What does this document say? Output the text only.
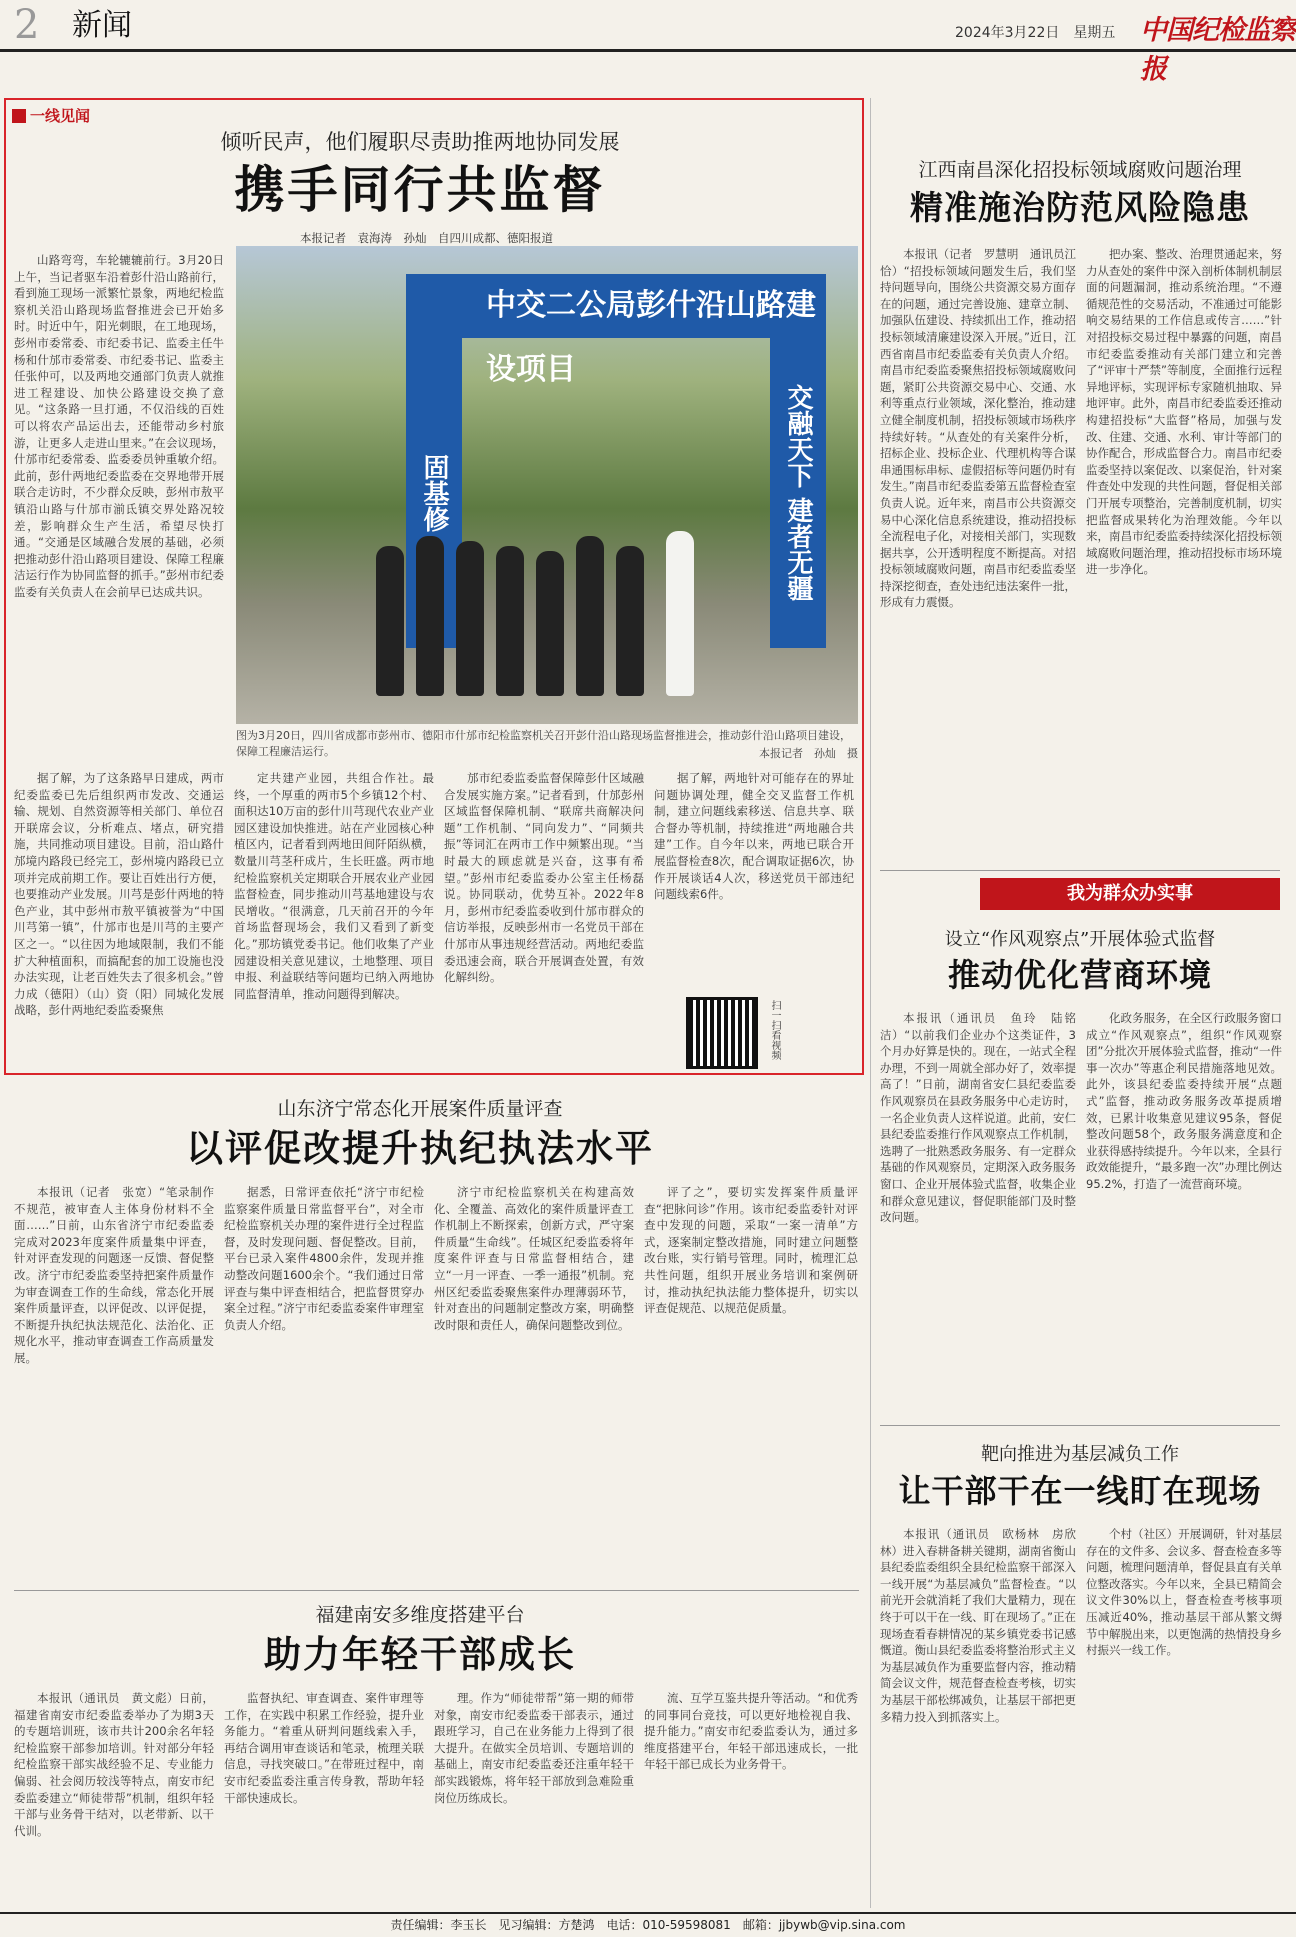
2 新闻	2024年3月22日　星期五 中国纪检监察报
一线见闻
倾听民声，他们履职尽责助推两地协同发展
携手同行共监督
本报记者　袁海涛　孙灿　自四川成都、德阳报道
山路弯弯，车轮辘辘前行。3月20日上午，当记者驱车沿着彭什沿山路前行，看到施工现场一派繁忙景象，两地纪检监察机关沿山路现场监督推进会已开始多时。时近中午，阳光刺眼，在工地现场，彭州市委常委、市纪委书记、监委主任牛杨和什邡市委常委、市纪委书记、监委主任张仲可，以及两地交通部门负责人就推进工程建设、加快公路建设交换了意见。“这条路一旦打通，不仅沿线的百姓可以将农产品运出去，还能带动乡村旅游，让更多人走进山里来。”在会议现场，什邡市纪委常委、监委委员钟重敏介绍。此前，彭什两地纪委监委在交界地带开展联合走访时，不少群众反映，彭州市敖平镇沿山路与什邡市湔氐镇交界处路况较差，影响群众生产生活，希望尽快打通。“交通是区域融合发展的基础，必须把推动彭什沿山路项目建设、保障工程廉洁运行作为协同监督的抓手。”彭州市纪委监委有关负责人在会前早已达成共识。
中交二公局彭什沿山路建设项目
固基修	交融天下 建者无疆
图为3月20日，四川省成都市彭州市、德阳市什邡市纪检监察机关召开彭什沿山路现场监督推进会，推动彭什沿山路项目建设，保障工程廉洁运行。	本报记者　孙灿　摄
据了解，为了这条路早日建成，两市纪委监委已先后组织两市发改、交通运输、规划、自然资源等相关部门、单位召开联席会议，分析难点、堵点，研究措施，共同推动项目建设。目前，沿山路什邡境内路段已经完工，彭州境内路段已立项并完成前期工作。要让百姓出行方便，也要推动产业发展。川芎是彭什两地的特色产业，其中彭州市敖平镇被誉为“中国川芎第一镇”，什邡市也是川芎的主要产区之一。“以往因为地域限制，我们不能扩大种植面积，而搞配套的加工设施也没办法实现，让老百姓失去了很多机会。”曾力成（德阳）（山）资（阳）同城化发展战略，彭什两地纪委监委聚焦
定共建产业园，共组合作社。最终，一个厚重的两市5个乡镇12个村、面积达10万亩的彭什川芎现代农业产业园区建设加快推进。站在产业园核心种植区内，记者看到两地田间阡陌纵横，数量川芎茎秆成片，生长旺盛。两市地纪检监察机关定期联合开展农业产业园监督检查，同步推动川芎基地建设与农民增收。“很满意，几天前召开的今年首场监督现场会，我们又看到了新变化。”那坊镇党委书记。他们收集了产业园建设相关意见建议，土地整理、项目申报、利益联结等问题均已纳入两地协同监督清单，推动问题得到解决。
邡市纪委监委监督保障彭什区域融合发展实施方案。”记者看到，什邡彭州区域监督保障机制、“联席共商解决问题”工作机制、“同向发力”、“同频共振”等词汇在两市工作中频繁出现。“当时最大的顾虑就是兴奋，这事有希望。”彭州市纪委监委办公室主任杨磊说。协同联动，优势互补。2022年8月，彭州市纪委监委收到什邡市群众的信访举报，反映彭州市一名党员干部在什邡市从事违规经营活动。两地纪委监委迅速会商，联合开展调查处置，有效化解纠纷。
据了解，两地针对可能存在的界址问题协调处理，健全交叉监督工作机制，建立问题线索移送、信息共享、联合督办等机制，持续推进“两地融合共建”工作。自今年以来，两地已联合开展监督检查8次，配合调取证据6次，协作开展谈话4人次，移送党员干部违纪问题线索6件。
扫一扫看视频
江西南昌深化招投标领域腐败问题治理
精准施治防范风险隐患
本报讯（记者　罗慧明　通讯员江恰）“招投标领域问题发生后，我们坚持问题导向，围绕公共资源交易方面存在的问题，通过完善设施、建章立制、加强队伍建设、持续抓出工作，推动招投标领域清廉建设深入开展。”近日，江西省南昌市纪委监委有关负责人介绍。南昌市纪委监委聚焦招投标领域腐败问题，紧盯公共资源交易中心、交通、水利等重点行业领域，深化整治，推动建立健全制度机制，招投标领域市场秩序持续好转。“从查处的有关案件分析，招标企业、投标企业、代理机构等合谋串通围标串标、虚假招标等问题仍时有发生。”南昌市纪委监委第五监督检查室负责人说。近年来，南昌市公共资源交易中心深化信息系统建设，推动招投标全流程电子化，对接相关部门，实现数据共享，公开透明程度不断提高。对招投标领域腐败问题，南昌市纪委监委坚持深挖彻查，查处违纪违法案件一批，形成有力震慑。
把办案、整改、治理贯通起来，努力从查处的案件中深入剖析体制机制层面的问题漏洞，推动系统治理。“不遵循规范性的交易活动，不准通过可能影响交易结果的工作信息或传言……”针对招投标交易过程中暴露的问题，南昌市纪委监委推动有关部门建立和完善了“评审十严禁”等制度，全面推行远程异地评标，实现评标专家随机抽取、异地评审。此外，南昌市纪委监委还推动构建招投标“大监督”格局，加强与发改、住建、交通、水利、审计等部门的协作配合，形成监督合力。南昌市纪委监委坚持以案促改、以案促治，针对案件查处中发现的共性问题，督促相关部门开展专项整治，完善制度机制，切实把监督成果转化为治理效能。今年以来，南昌市纪委监委持续深化招投标领域腐败问题治理，推动招投标市场环境进一步净化。
我为群众办实事
设立“作风观察点”开展体验式监督
推动优化营商环境
本报讯（通讯员　鱼玲　陆铭洁）“以前我们企业办个这类证件，3个月办好算是快的。现在，一站式全程办理，不到一周就全部办好了，效率提高了！”日前，湖南省安仁县纪委监委作风观察员在县政务服务中心走访时，一名企业负责人这样说道。此前，安仁县纪委监委推行作风观察点工作机制，选聘了一批熟悉政务服务、有一定群众基础的作风观察员，定期深入政务服务窗口、企业开展体验式监督，收集企业和群众意见建议，督促职能部门及时整改问题。
化政务服务，在全区行政服务窗口成立“作风观察点”，组织“作风观察团”分批次开展体验式监督，推动“一件事一次办”等惠企利民措施落地见效。此外，该县纪委监委持续开展“点题式”监督，推动政务服务改革提质增效，已累计收集意见建议95条，督促整改问题58个，政务服务满意度和企业获得感持续提升。今年以来，全县行政效能提升，“最多跑一次”办理比例达95.2%，打造了一流营商环境。
靶向推进为基层减负工作
让干部干在一线盯在现场
本报讯（通讯员　欧杨林　房欣林）进入春耕备耕关键期，湖南省衡山县纪委监委组织全县纪检监察干部深入一线开展“为基层减负”监督检查。“以前光开会就消耗了我们大量精力，现在终于可以干在一线、盯在现场了。”正在现场查看春耕情况的某乡镇党委书记感慨道。衡山县纪委监委将整治形式主义为基层减负作为重要监督内容，推动精简会议文件，规范督查检查考核，切实为基层干部松绑减负，让基层干部把更多精力投入到抓落实上。
个村（社区）开展调研，针对基层存在的文件多、会议多、督查检查多等问题，梳理问题清单，督促县直有关单位整改落实。今年以来，全县已精简会议文件30%以上，督查检查考核事项压减近40%，推动基层干部从繁文缛节中解脱出来，以更饱满的热情投身乡村振兴一线工作。
山东济宁常态化开展案件质量评查
以评促改提升执纪执法水平
本报讯（记者　张宽）“笔录制作不规范，被审查人主体身份材料不全面……”日前，山东省济宁市纪委监委完成对2023年度案件质量集中评查，针对评查发现的问题逐一反馈、督促整改。济宁市纪委监委坚持把案件质量作为审查调查工作的生命线，常态化开展案件质量评查，以评促改、以评促提，不断提升执纪执法规范化、法治化、正规化水平，推动审查调查工作高质量发展。
据悉，日常评查依托“济宁市纪检监察案件质量日常监督平台”，对全市纪检监察机关办理的案件进行全过程监督，及时发现问题、督促整改。目前，平台已录入案件4800余件，发现并推动整改问题1600余个。“我们通过日常评查与集中评查相结合，把监督贯穿办案全过程。”济宁市纪委监委案件审理室负责人介绍。
济宁市纪检监察机关在构建高效化、全覆盖、高效化的案件质量评查工作机制上不断探索，创新方式，严守案件质量“生命线”。任城区纪委监委将年度案件评查与日常监督相结合，建立“一月一评查、一季一通报”机制。兖州区纪委监委聚焦案件办理薄弱环节，针对查出的问题制定整改方案，明确整改时限和责任人，确保问题整改到位。
评了之”，要切实发挥案件质量评查“把脉问诊”作用。该市纪委监委针对评查中发现的问题，采取“一案一清单”方式，逐案制定整改措施，同时建立问题整改台账，实行销号管理。同时，梳理汇总共性问题，组织开展业务培训和案例研讨，推动执纪执法能力整体提升，切实以评查促规范、以规范促质量。
福建南安多维度搭建平台
助力年轻干部成长
本报讯（通讯员　黄文彪）日前，福建省南安市纪委监委举办了为期3天的专题培训班，该市共计200余名年轻纪检监察干部参加培训。针对部分年轻纪检监察干部实战经验不足、专业能力偏弱、社会阅历较浅等特点，南安市纪委监委建立“师徒带帮”机制，组织年轻干部与业务骨干结对，以老带新、以干代训。
监督执纪、审查调查、案件审理等工作，在实践中积累工作经验，提升业务能力。“着重从研判问题线索入手，再结合调用审查谈话和笔录，梳理关联信息，寻找突破口。”在带班过程中，南安市纪委监委注重言传身教，帮助年轻干部快速成长。
理。作为“师徒带帮”第一期的师带对象，南安市纪委监委干部表示，通过跟班学习，自己在业务能力上得到了很大提升。在做实全员培训、专题培训的基础上，南安市纪委监委还注重年轻干部实践锻炼，将年轻干部放到急难险重岗位历练成长。
流、互学互鉴共提升等活动。“和优秀的同事同台竞技，可以更好地检视自我、提升能力。”南安市纪委监委认为，通过多维度搭建平台，年轻干部迅速成长，一批年轻干部已成长为业务骨干。
责任编辑：李玉长　见习编辑：方楚鸿　电话：010-59598081　邮箱：jjbywb@vip.sina.com
